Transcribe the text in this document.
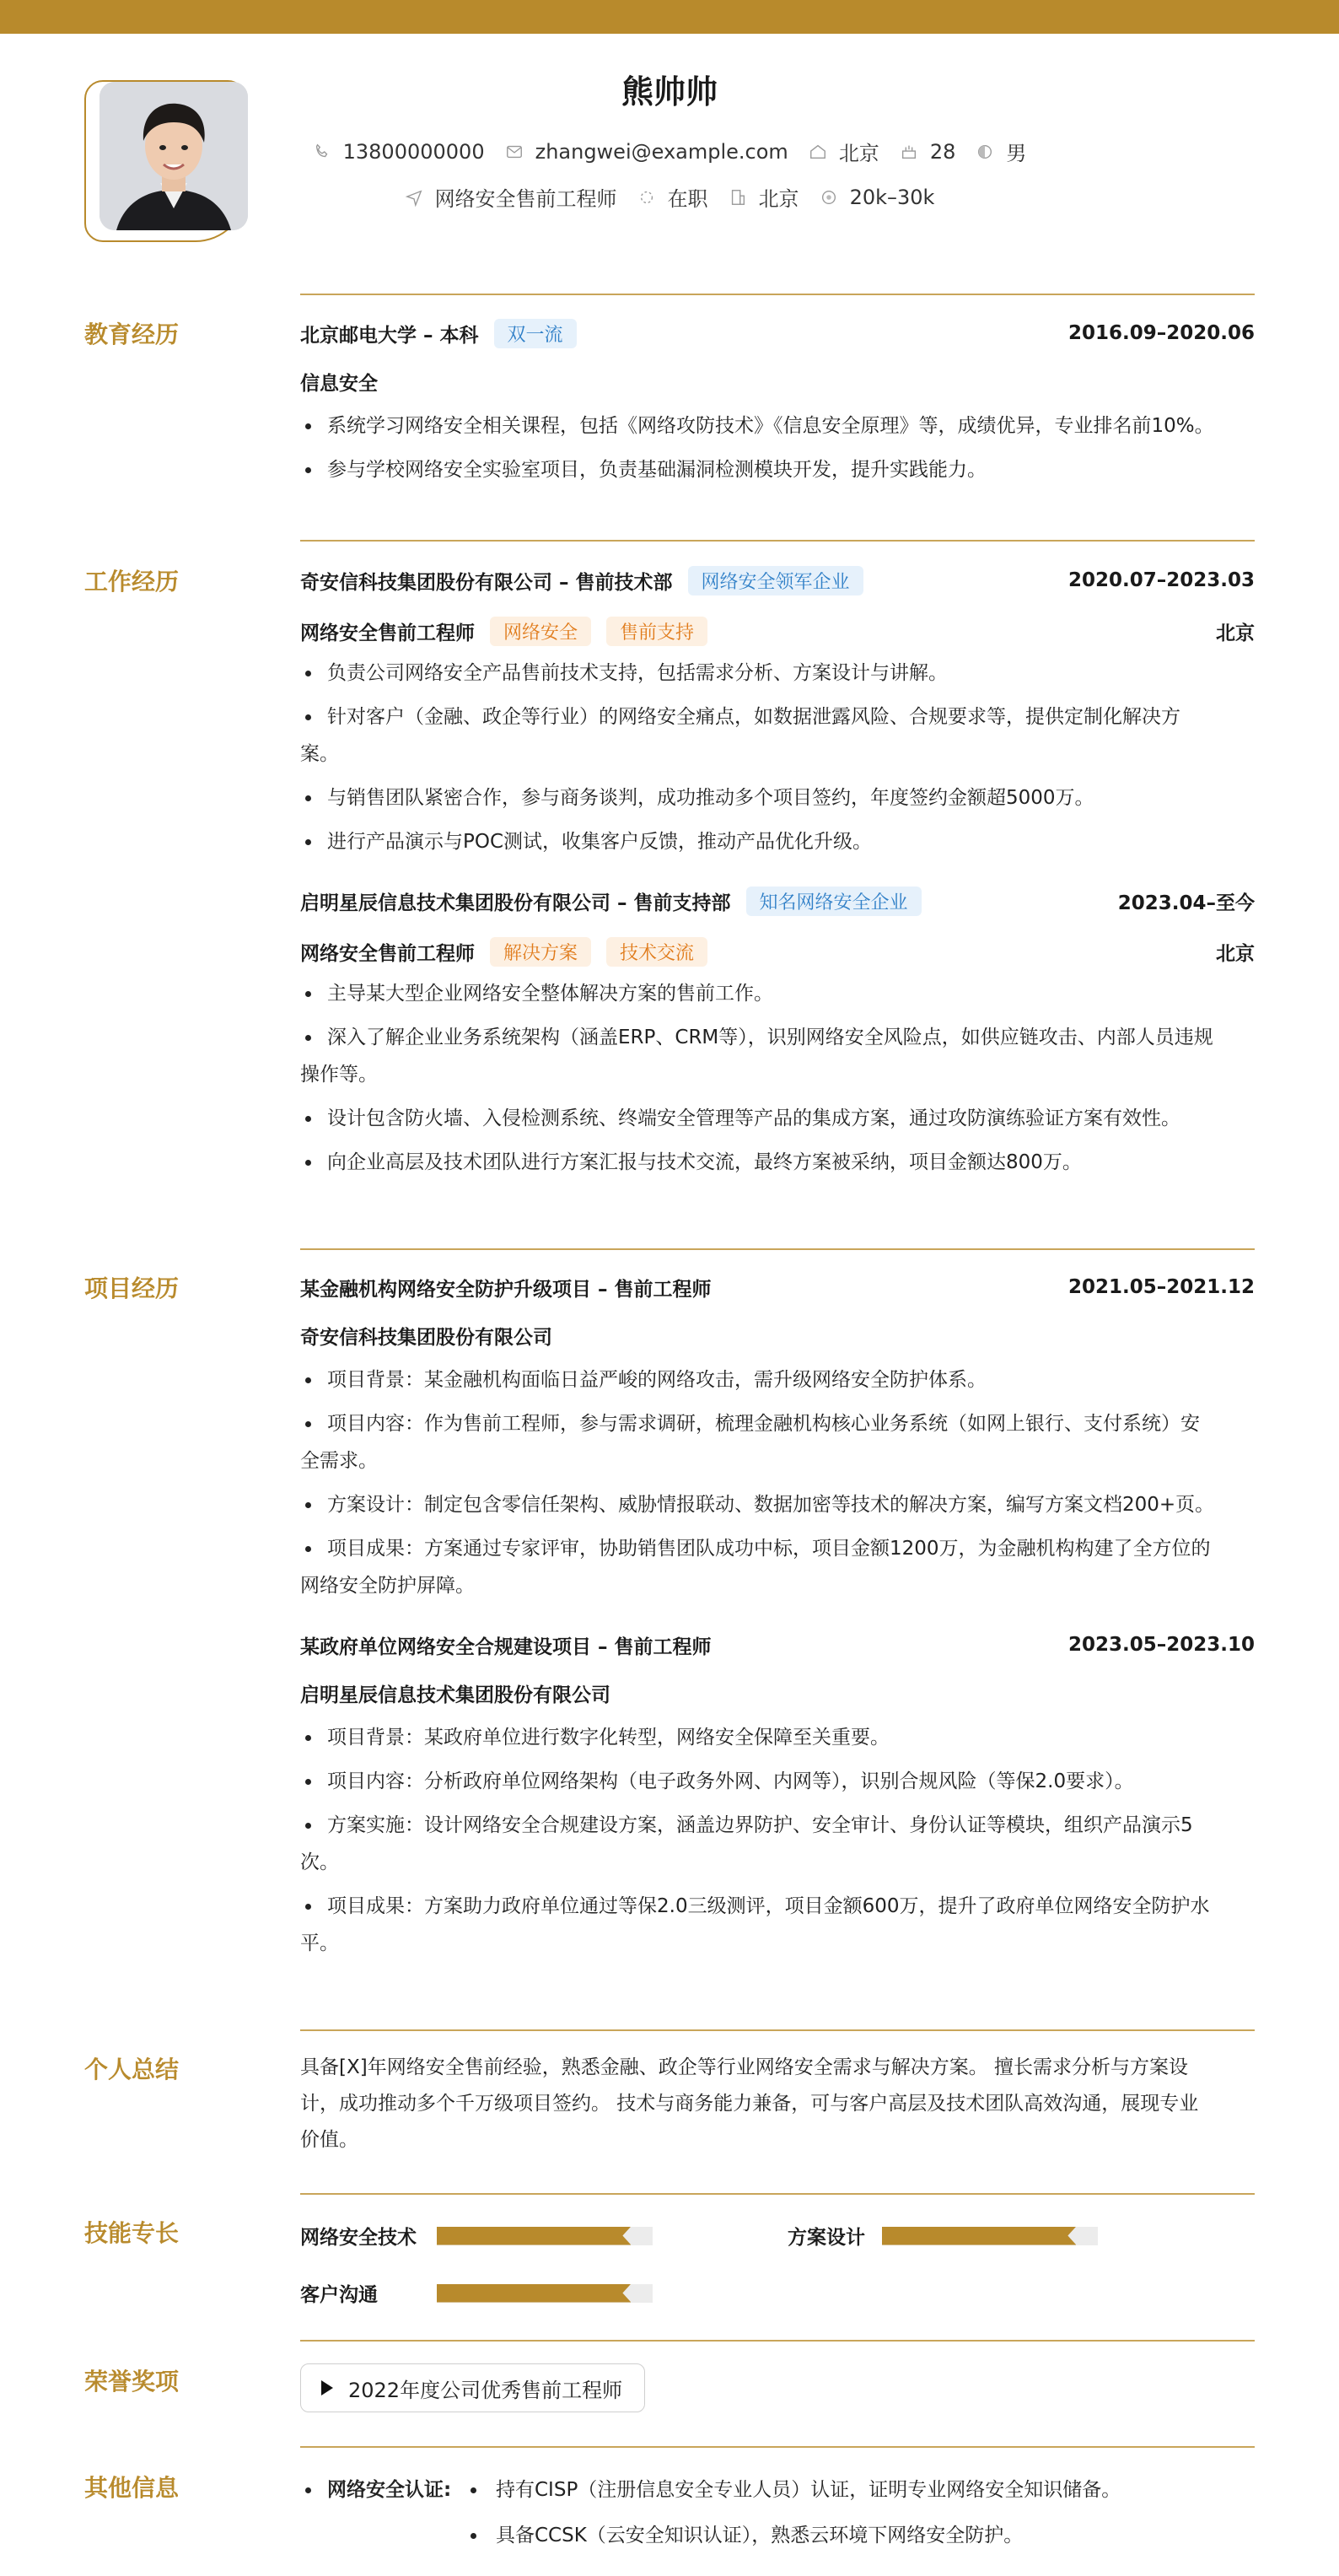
熊帅帅
13800000000	zhangwei@example.com	北京	28	男
网络安全售前工程师	在职	北京	20k–30k
教育经历	北京邮电大学 – 本科	双一流	2016.09–2020.06
信息安全
系统学习网络安全相关课程，包括《网络攻防技术》《信息安全原理》等，成绩优异，专业排名前10%。
参与学校网络安全实验室项目，负责基础漏洞检测模块开发，提升实践能力。
工作经历	奇安信科技集团股份有限公司 – 售前技术部	网络安全领军企业	2020.07–2023.03
网络安全售前工程师	网络安全	售前支持	北京
负责公司网络安全产品售前技术支持，包括需求分析、方案设计与讲解。
针对客户（金融、政企等行业）的网络安全痛点，如数据泄露风险、合规要求等，提供定制化解决方
案。
与销售团队紧密合作，参与商务谈判，成功推动多个项目签约，年度签约金额超5000万。
进行产品演示与POC测试，收集客户反馈，推动产品优化升级。
启明星辰信息技术集团股份有限公司 – 售前支持部	知名网络安全企业	2023.04–至今
网络安全售前工程师	解决方案	技术交流	北京
主导某大型企业网络安全整体解决方案的售前工作。
深入了解企业业务系统架构（涵盖ERP、CRM等），识别网络安全风险点，如供应链攻击、内部人员违规
操作等。
设计包含防火墙、入侵检测系统、终端安全管理等产品的集成方案，通过攻防演练验证方案有效性。
向企业高层及技术团队进行方案汇报与技术交流，最终方案被采纳，项目金额达800万。
项目经历	某金融机构网络安全防护升级项目 – 售前工程师	2021.05–2021.12
奇安信科技集团股份有限公司
项目背景：某金融机构面临日益严峻的网络攻击，需升级网络安全防护体系。
项目内容：作为售前工程师，参与需求调研，梳理金融机构核心业务系统（如网上银行、支付系统）安
全需求。
方案设计：制定包含零信任架构、威胁情报联动、数据加密等技术的解决方案，编写方案文档200+页。
项目成果：方案通过专家评审，协助销售团队成功中标，项目金额1200万，为金融机构构建了全方位的
网络安全防护屏障。
某政府单位网络安全合规建设项目 – 售前工程师	2023.05–2023.10
启明星辰信息技术集团股份有限公司
项目背景：某政府单位进行数字化转型，网络安全保障至关重要。
项目内容：分析政府单位网络架构（电子政务外网、内网等），识别合规风险（等保2.0要求）。
方案实施：设计网络安全合规建设方案，涵盖边界防护、安全审计、身份认证等模块，组织产品演示5
次。
项目成果：方案助力政府单位通过等保2.0三级测评，项目金额600万，提升了政府单位网络安全防护水
平。
个人总结	具备[X]年网络安全售前经验，熟悉金融、政企等行业网络安全需求与解决方案。 擅长需求分析与方案设
计，成功推动多个千万级项目签约。 技术与商务能力兼备，可与客户高层及技术团队高效沟通，展现专业
价值。
技能专长	网络安全技术	方案设计
客户沟通
荣誉奖项	2022年度公司优秀售前工程师
其他信息	网络安全认证: 持有CISP（注册信息安全专业人员）认证，证明专业网络安全知识储备。
具备CCSK（云安全知识认证），熟悉云环境下网络安全防护。
